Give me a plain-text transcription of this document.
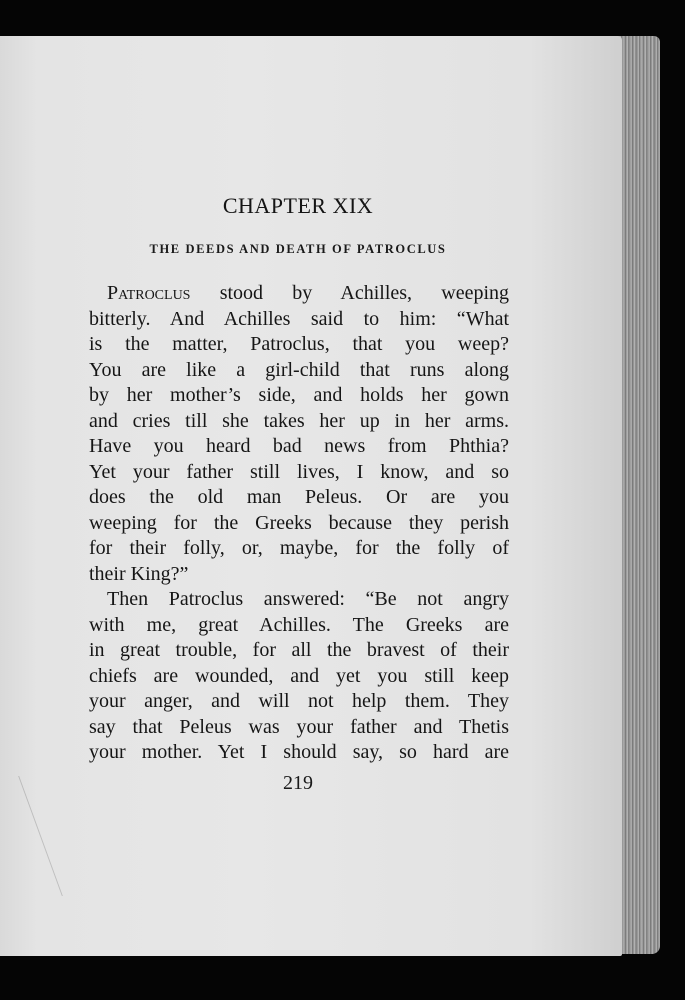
CHAPTER XIX
THE DEEDS AND DEATH OF PATROCLUS
Patroclus stood by Achilles, weeping
bitterly. And Achilles said to him: “What
is the matter, Patroclus, that you weep?
You are like a girl-child that runs along
by her mother’s side, and holds her gown
and cries till she takes her up in her arms.
Have you heard bad news from Phthia?
Yet your father still lives, I know, and so
does the old man Peleus. Or are you
weeping for the Greeks because they perish
for their folly, or, maybe, for the folly of
their King?”
Then Patroclus answered: “Be not angry
with me, great Achilles. The Greeks are
in great trouble, for all the bravest of their
chiefs are wounded, and yet you still keep
your anger, and will not help them. They
say that Peleus was your father and Thetis
your mother. Yet I should say, so hard are
219
